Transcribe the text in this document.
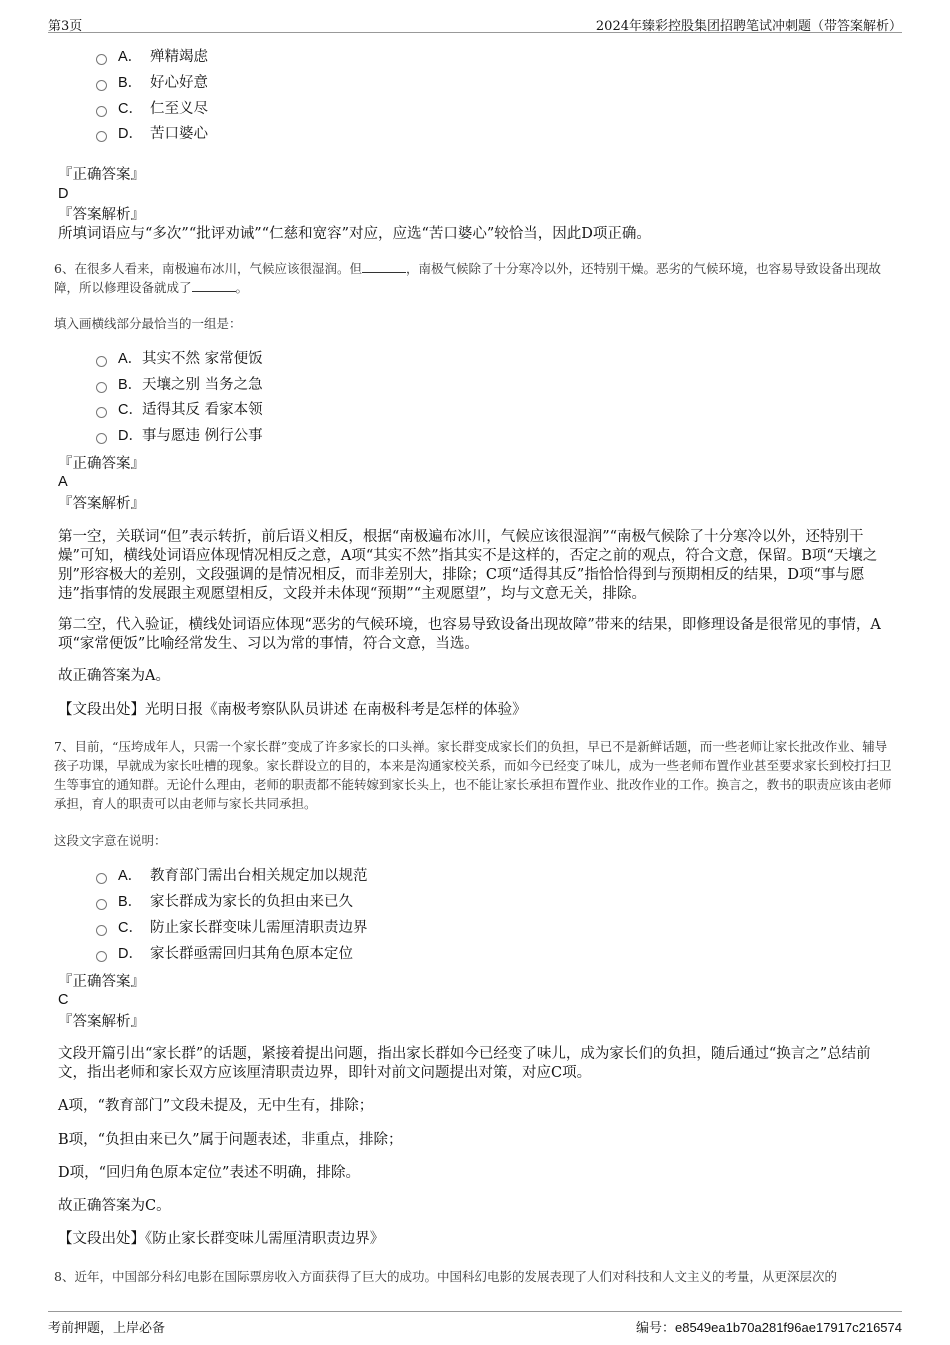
第3页	2024年臻彩控股集团招聘笔试冲刺题（带答案解析）
A． 殚精竭虑
B． 好心好意
C． 仁至义尽
D． 苦口婆心
『正确答案』
D
『答案解析』
所填词语应与“多次”“批评劝诫”“仁慈和宽容”对应，应选“苦口婆心”较恰当，因此D项正确。
6、在很多人看来，南极遍布冰川，气候应该很湿润。但	，南极气候除了十分寒冷以外，还特别干燥。恶劣的气候环境，也容易导致设备出现故障，所以修理设备就成了	。
填入画横线部分最恰当的一组是：
A．其实不然 家常便饭
B．天壤之别 当务之急
C．适得其反 看家本领
D．事与愿违 例行公事
『正确答案』
A
『答案解析』
第一空，关联词“但”表示转折，前后语义相反，根据“南极遍布冰川，气候应该很湿润”“南极气候除了十分寒冷以外，还特别干燥”可知，横线处词语应体现情况相反之意，A项“其实不然”指其实不是这样的，否定之前的观点，符合文意，保留。B项“天壤之别”形容极大的差别，文段强调的是情况相反，而非差别大，排除；C项“适得其反”指恰恰得到与预期相反的结果，D项“事与愿违”指事情的发展跟主观愿望相反，文段并未体现“预期”“主观愿望”，均与文意无关，排除。
第二空，代入验证，横线处词语应体现“恶劣的气候环境，也容易导致设备出现故障”带来的结果，即修理设备是很常见的事情，A项“家常便饭”比喻经常发生、习以为常的事情，符合文意，当选。
故正确答案为A。
【文段出处】光明日报《南极考察队队员讲述 在南极科考是怎样的体验》
7、目前，“压垮成年人，只需一个家长群”变成了许多家长的口头禅。家长群变成家长们的负担，早已不是新鲜话题，而一些老师让家长批改作业、辅导孩子功课，早就成为家长吐槽的现象。家长群设立的目的，本来是沟通家校关系，而如今已经变了味儿，成为一些老师布置作业甚至要求家长到校打扫卫生等事宜的通知群。无论什么理由，老师的职责都不能转嫁到家长头上，也不能让家长承担布置作业、批改作业的工作。换言之，教书的职责应该由老师承担，育人的职责可以由老师与家长共同承担。
这段文字意在说明：
A． 教育部门需出台相关规定加以规范
B． 家长群成为家长的负担由来已久
C． 防止家长群变味儿需厘清职责边界
D． 家长群亟需回归其角色原本定位
『正确答案』
C
『答案解析』
文段开篇引出“家长群”的话题，紧接着提出问题，指出家长群如今已经变了味儿，成为家长们的负担，随后通过“换言之”总结前文，指出老师和家长双方应该厘清职责边界，即针对前文问题提出对策，对应C项。
A项，“教育部门”文段未提及，无中生有，排除；
B项，“负担由来已久”属于问题表述，非重点，排除；
D项，“回归角色原本定位”表述不明确，排除。
故正确答案为C。
【文段出处】《防止家长群变味儿需厘清职责边界》
8、近年，中国部分科幻电影在国际票房收入方面获得了巨大的成功。中国科幻电影的发展表现了人们对科技和人文主义的考量，从更深层次的
考前押题，上岸必备	编号：e8549ea1b70a281f96ae17917c216574
